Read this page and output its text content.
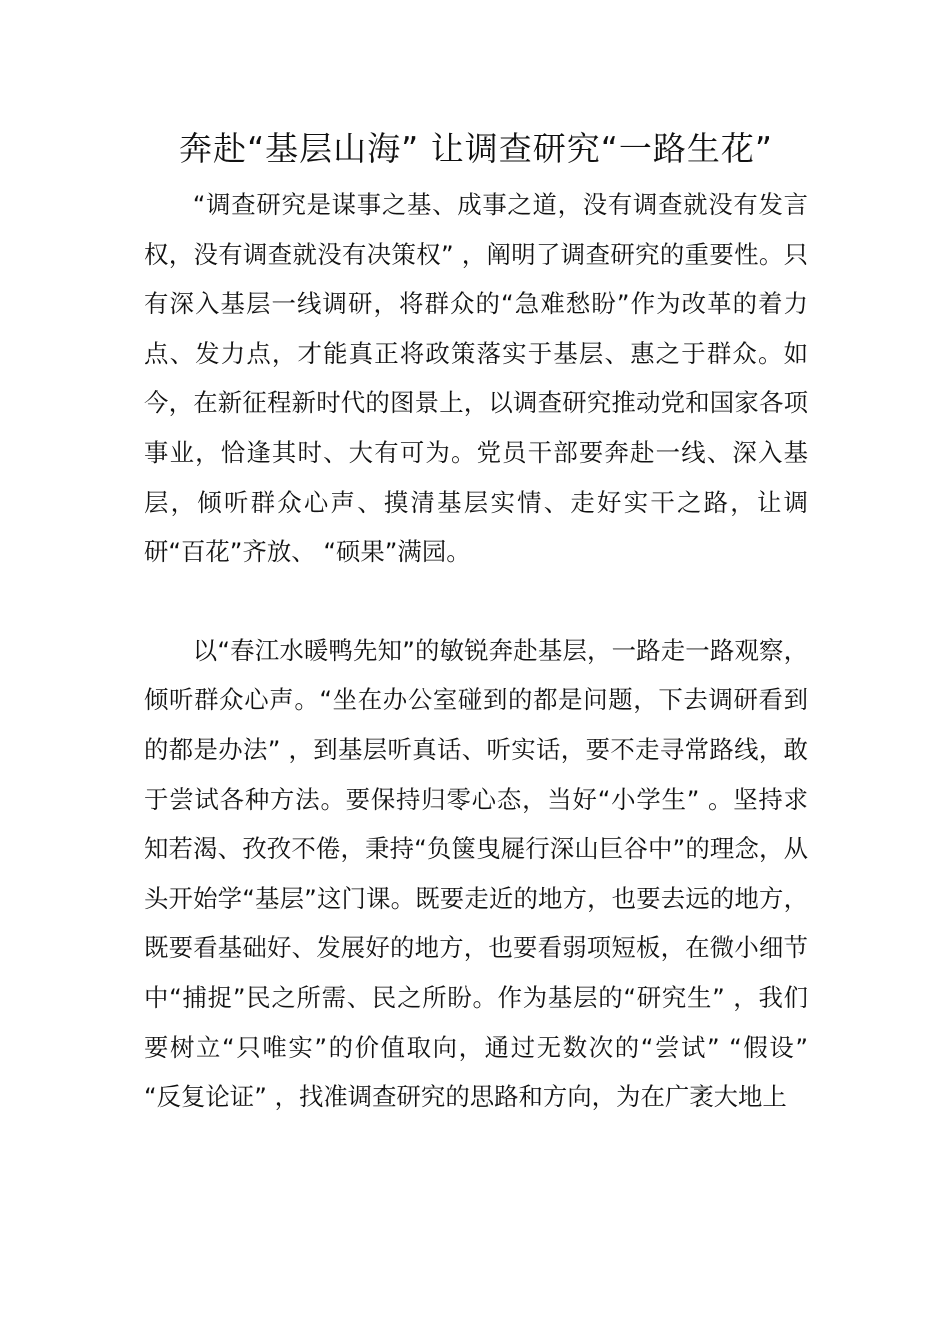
奔赴“基层山海” 让调查研究“一路生花”

“调查研究是谋事之基、成事之道，没有调查就没有发言权，没有调查就没有决策权” ，阐明了调查研究的重要性。只有深入基层一线调研，将群众的“急难愁盼”作为改革的着力点、发力点，才能真正将政策落实于基层、惠之于群众。如今，在新征程新时代的图景上，以调查研究推动党和国家各项事业，恰逢其时、大有可为。党员干部要奔赴一线、深入基层，倾听群众心声、摸清基层实情、走好实干之路，让调研“百花”齐放、 “硕果”满园。

以“春江水暖鸭先知”的敏锐奔赴基层，一路走一路观察，倾听群众心声。“坐在办公室碰到的都是问题，下去调研看到的都是办法” ，到基层听真话、听实话，要不走寻常路线，敢于尝试各种方法。要保持归零心态，当好“小学生” 。坚持求知若渴、孜孜不倦，秉持“负箧曳屣行深山巨谷中”的理念，从头开始学“基层”这门课。既要走近的地方，也要去远的地方，既要看基础好、发展好的地方，也要看弱项短板，在微小细节中“捕捉”民之所需、民之所盼。作为基层的“研究生” ，我们要树立“只唯实”的价值取向，通过无数次的“尝试” “假设” “反复论证” ，找准调查研究的思路和方向，为在广袤大地上
